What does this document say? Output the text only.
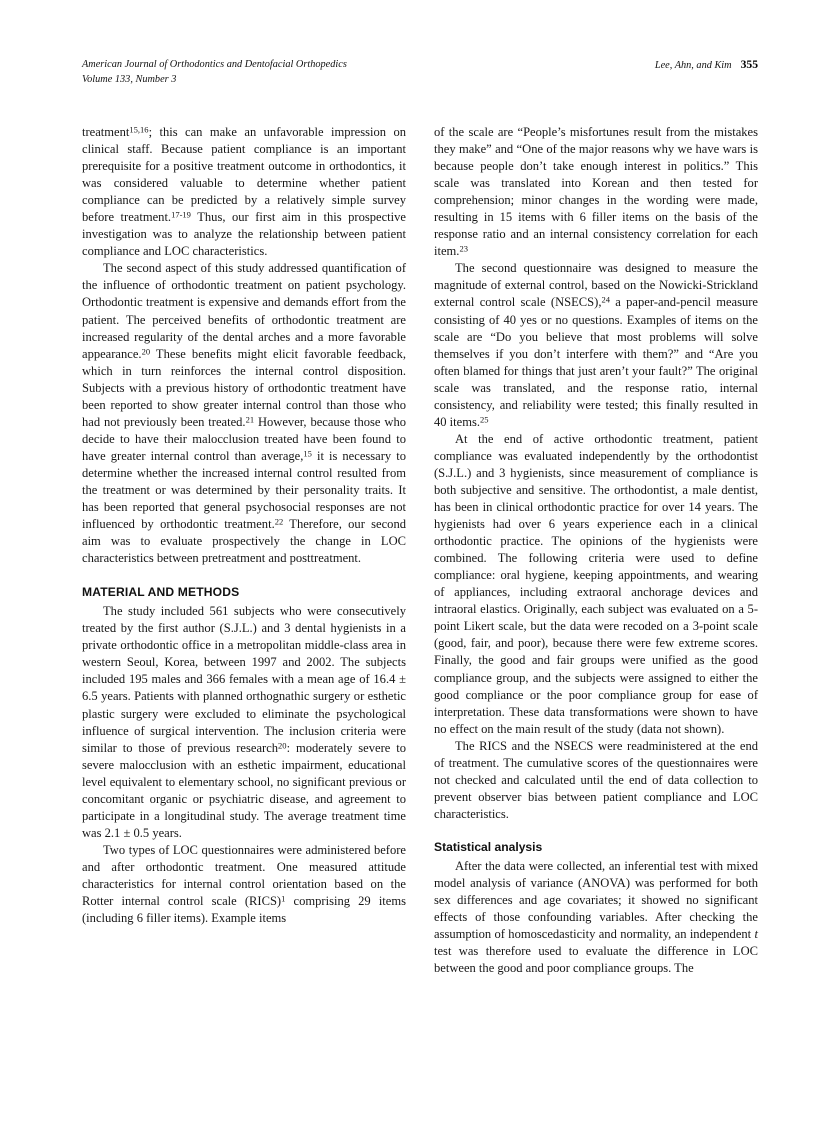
American Journal of Orthodontics and Dentofacial Orthopedics
Volume 133, Number 3
Lee, Ahn, and Kim 355

treatment$^{15,16}$; this can make an unfavorable impression on clinical staff. Because patient compliance is an important prerequisite for a positive treatment outcome in orthodontics, it was considered valuable to determine whether patient compliance can be predicted by a relatively simple survey before treatment.$^{17-19}$ Thus, our first aim in this prospective investigation was to analyze the relationship between patient compliance and LOC characteristics.

The second aspect of this study addressed quantification of the influence of orthodontic treatment on patient psychology. Orthodontic treatment is expensive and demands effort from the patient. The perceived benefits of orthodontic treatment are increased regularity of the dental arches and a more favorable appearance.$^{20}$ These benefits might elicit favorable feedback, which in turn reinforces the internal control disposition. Subjects with a previous history of orthodontic treatment have been reported to show greater internal control than those who had not previously been treated.$^{21}$ However, because those who decide to have their malocclusion treated have been found to have greater internal control than average,$^{15}$ it is necessary to determine whether the increased internal control resulted from the treatment or was determined by their personality traits. It has been reported that general psychosocial responses are not influenced by orthodontic treatment.$^{22}$ Therefore, our second aim was to evaluate prospectively the change in LOC characteristics between pretreatment and posttreatment.

MATERIAL AND METHODS

The study included 561 subjects who were consecutively treated by the first author (S.J.L.) and 3 dental hygienists in a private orthodontic office in a metropolitan middle-class area in western Seoul, Korea, between 1997 and 2002. The subjects included 195 males and 366 females with a mean age of 16.4 ± 6.5 years. Patients with planned orthognathic surgery or esthetic plastic surgery were excluded to eliminate the psychological influence of surgical intervention. The inclusion criteria were similar to those of previous research$^{20}$: moderately severe to severe malocclusion with an esthetic impairment, educational level equivalent to elementary school, no significant previous or concomitant organic or psychiatric disease, and agreement to participate in a longitudinal study. The average treatment time was 2.1 ± 0.5 years.

Two types of LOC questionnaires were administered before and after orthodontic treatment. One measured attitude characteristics for internal control orientation based on the Rotter internal control scale (RICS)$^1$ comprising 29 items (including 6 filler items). Example items

of the scale are “People’s misfortunes result from the mistakes they make” and “One of the major reasons why we have wars is because people don’t take enough interest in politics.” This scale was translated into Korean and then tested for comprehension; minor changes in the wording were made, resulting in 15 items with 6 filler items on the basis of the response ratio and an internal consistency correlation for each item.$^{23}$

The second questionnaire was designed to measure the magnitude of external control, based on the Nowicki-Strickland external control scale (NSECS),$^{24}$ a paper-and-pencil measure consisting of 40 yes or no questions. Examples of items on the scale are “Do you believe that most problems will solve themselves if you don’t interfere with them?” and “Are you often blamed for things that just aren’t your fault?” The original scale was translated, and the response ratio, internal consistency, and reliability were tested; this finally resulted in 40 items.$^{25}$

At the end of active orthodontic treatment, patient compliance was evaluated independently by the orthodontist (S.J.L.) and 3 hygienists, since measurement of compliance is both subjective and sensitive. The orthodontist, a male dentist, has been in clinical orthodontic practice for over 14 years. The hygienists had over 6 years experience each in a clinical orthodontic practice. The opinions of the hygienists were combined. The following criteria were used to define compliance: oral hygiene, keeping appointments, and wearing of appliances, including extraoral anchorage devices and intraoral elastics. Originally, each subject was evaluated on a 5-point Likert scale, but the data were recoded on a 3-point scale (good, fair, and poor), because there were few extreme scores. Finally, the good and fair groups were unified as the good compliance group, and the subjects were assigned to either the good compliance or the poor compliance group for ease of interpretation. These data transformations were shown to have no effect on the main result of the study (data not shown).

The RICS and the NSECS were readministered at the end of treatment. The cumulative scores of the questionnaires were not checked and calculated until the end of data collection to prevent observer bias between patient compliance and LOC characteristics.

Statistical analysis

After the data were collected, an inferential test with mixed model analysis of variance (ANOVA) was performed for both sex differences and age covariates; it showed no significant effects of those confounding variables. After checking the assumption of homoscedasticity and normality, an independent t test was therefore used to evaluate the difference in LOC between the good and poor compliance groups. The
